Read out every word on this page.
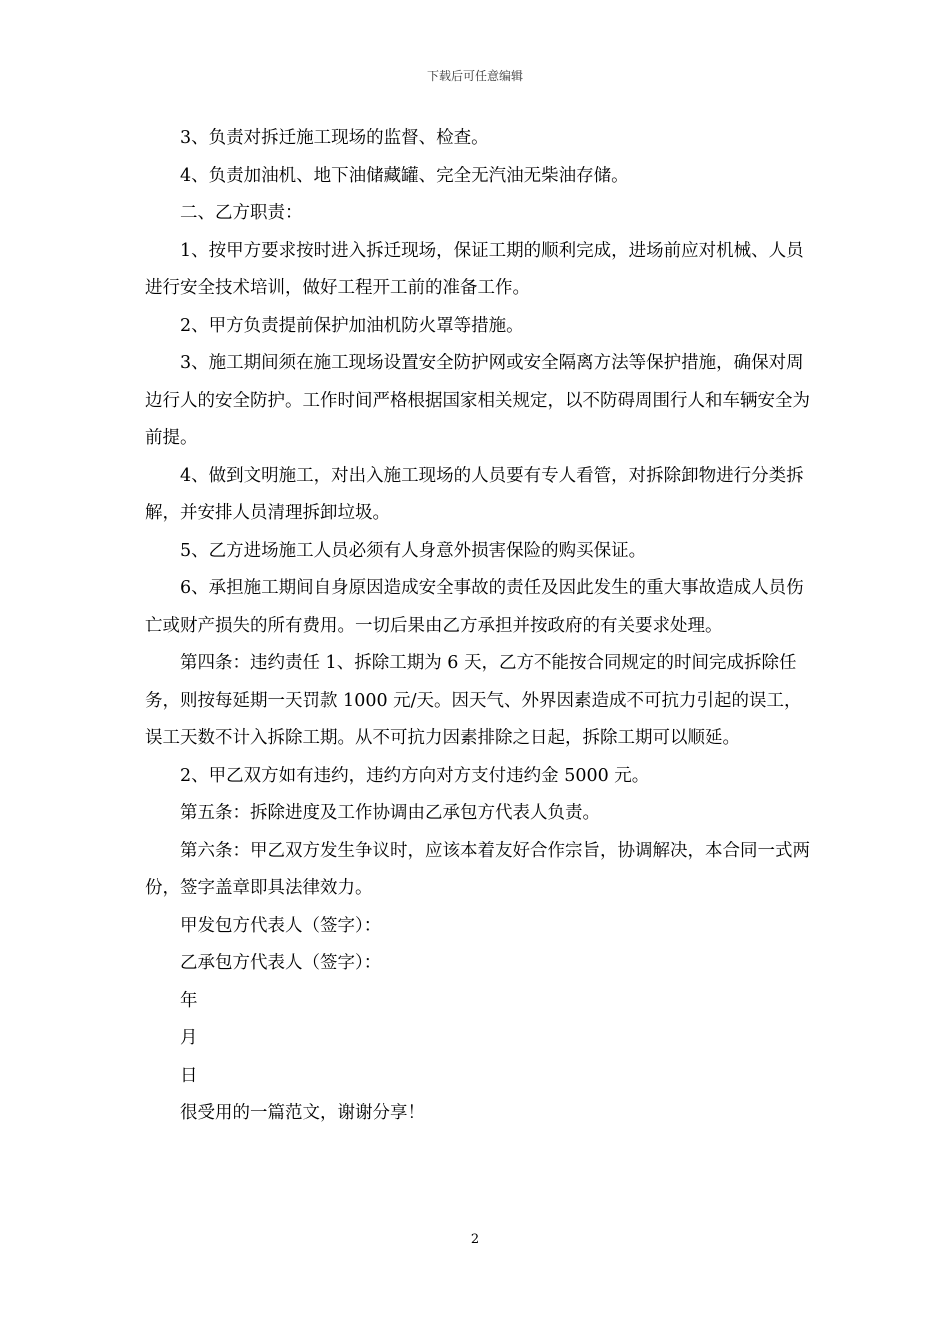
下载后可任意编辑

3、负责对拆迁施工现场的监督、检查。

4、负责加油机、地下油储藏罐、完全无汽油无柴油存储。

二、乙方职责：

1、按甲方要求按时进入拆迁现场，保证工期的顺利完成，进场前应对机械、人员进行安全技术培训，做好工程开工前的准备工作。

2、甲方负责提前保护加油机防火罩等措施。

3、施工期间须在施工现场设置安全防护网或安全隔离方法等保护措施，确保对周边行人的安全防护。工作时间严格根据国家相关规定，以不防碍周围行人和车辆安全为前提。

4、做到文明施工，对出入施工现场的人员要有专人看管，对拆除卸物进行分类拆解，并安排人员清理拆卸垃圾。

5、乙方进场施工人员必须有人身意外损害保险的购买保证。

6、承担施工期间自身原因造成安全事故的责任及因此发生的重大事故造成人员伤亡或财产损失的所有费用。一切后果由乙方承担并按政府的有关要求处理。

第四条：违约责任 1、拆除工期为 6 天，乙方不能按合同规定的时间完成拆除任务，则按每延期一天罚款 1000 元/天。因天气、外界因素造成不可抗力引起的误工，误工天数不计入拆除工期。从不可抗力因素排除之日起，拆除工期可以顺延。

2、甲乙双方如有违约，违约方向对方支付违约金 5000 元。

第五条：拆除进度及工作协调由乙承包方代表人负责。

第六条：甲乙双方发生争议时，应该本着友好合作宗旨，协调解决，本合同一式两份，签字盖章即具法律效力。

甲发包方代表人（签字）：

乙承包方代表人（签字）：

年

月

日

很受用的一篇范文，谢谢分享！

2
